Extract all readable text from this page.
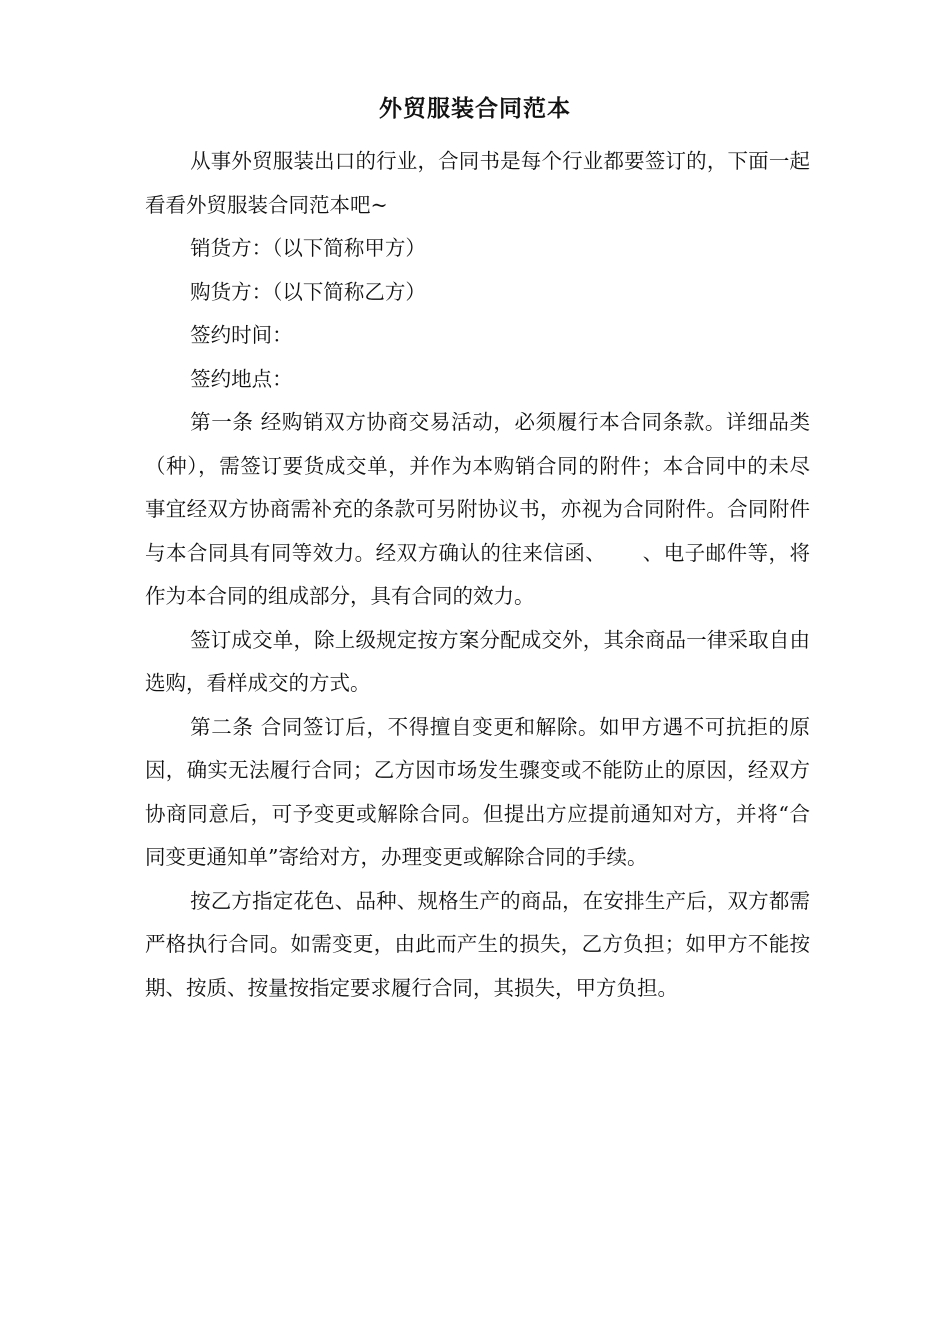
外贸服装合同范本

从事外贸服装出口的行业，合同书是每个行业都要签订的，下面一起看看外贸服装合同范本吧~

销货方：（以下简称甲方）

购货方：（以下简称乙方）

签约时间：

签约地点：

第一条 经购销双方协商交易活动，必须履行本合同条款。详细品类（种），需签订要货成交单，并作为本购销合同的附件；本合同中的未尽事宜经双方协商需补充的条款可另附协议书，亦视为合同附件。合同附件与本合同具有同等效力。经双方确认的往来信函、 、电子邮件等，将作为本合同的组成部分，具有合同的效力。

签订成交单，除上级规定按方案分配成交外，其余商品一律采取自由选购，看样成交的方式。

第二条 合同签订后，不得擅自变更和解除。如甲方遇不可抗拒的原因，确实无法履行合同；乙方因市场发生骤变或不能防止的原因，经双方协商同意后，可予变更或解除合同。但提出方应提前通知对方，并将“合同变更通知单”寄给对方，办理变更或解除合同的手续。

按乙方指定花色、品种、规格生产的商品，在安排生产后，双方都需严格执行合同。如需变更，由此而产生的损失，乙方负担；如甲方不能按期、按质、按量按指定要求履行合同，其损失，甲方负担。
